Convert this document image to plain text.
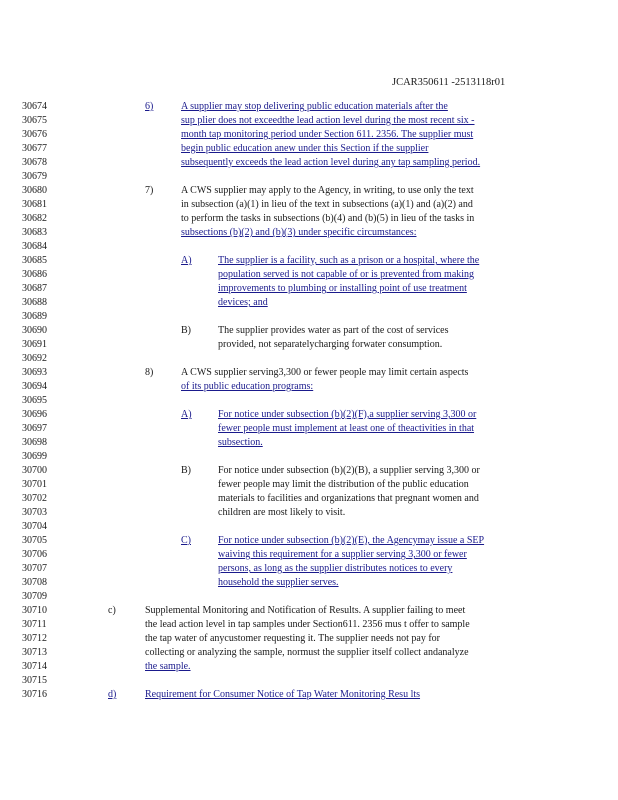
JCAR350611 -2513118r01
30674
30675
30676
30677
30678
30679
30680
30681
30682
30683
30684
30685
30686
30687
30688
30689
30690
30691
30692
30693
30694
30695
30696
30697
30698
30699
30700
30701
30702
30703
30704
30705
30706
30707
30708
30709
30710
30711
30712
30713
30714
30715
30716
6)	A supplier may stop delivering public education materials after the
sup plier does not exceedthe lead action level during the most recent six -
month tap monitoring period under Section 611. 2356. The supplier must
begin public education anew under this Section if the supplier
subsequently exceeds the lead action level during any tap sampling period.
7)	A CWS supplier may apply to the Agency, in writing, to use only the text
in subsection (a)(1) in lieu of the text in subsections (a)(1) and (a)(2) and
to perform the tasks in subsections (b)(4) and (b)(5) in lieu of the tasks in
subsections (b)(2) and (b)(3) under specific circumstances:
A)	The supplier is a facility, such as a prison or a hospital, where the
population served is not capable of or is prevented from making
improvements to plumbing or installing point of use treatment
devices; and
B)	The supplier provides water as part of the cost of services
provided, not separatelycharging forwater consumption.
8)	A CWS supplier serving3,300 or fewer people may limit certain aspects
of its public education programs:
A)	For notice under subsection (b)(2)(F),a supplier serving 3,300 or
fewer people must implement at least one of theactivities in that
subsection.
B)	For notice under subsection (b)(2)(B), a supplier serving 3,300 or
fewer people may limit the distribution of the public education
materials to facilities and organizations that pregnant women and
children are most likely to visit.
C)	For notice under subsection (b)(2)(E), the Agencymay issue a SEP
waiving this requirement for a supplier serving 3,300 or fewer
persons, as long as the supplier distributes notices to every
household the supplier serves.
c)	Supplemental Monitoring and Notification of Results. A supplier failing to meet
the lead action level in tap samples under Section611. 2356 mus t offer to sample
the tap water of anycustomer requesting it. The supplier needs not pay for
collecting or analyzing the sample, normust the supplier itself collect andanalyze
the sample.
d)	Requirement for Consumer Notice of Tap Water Monitoring Resu lts
